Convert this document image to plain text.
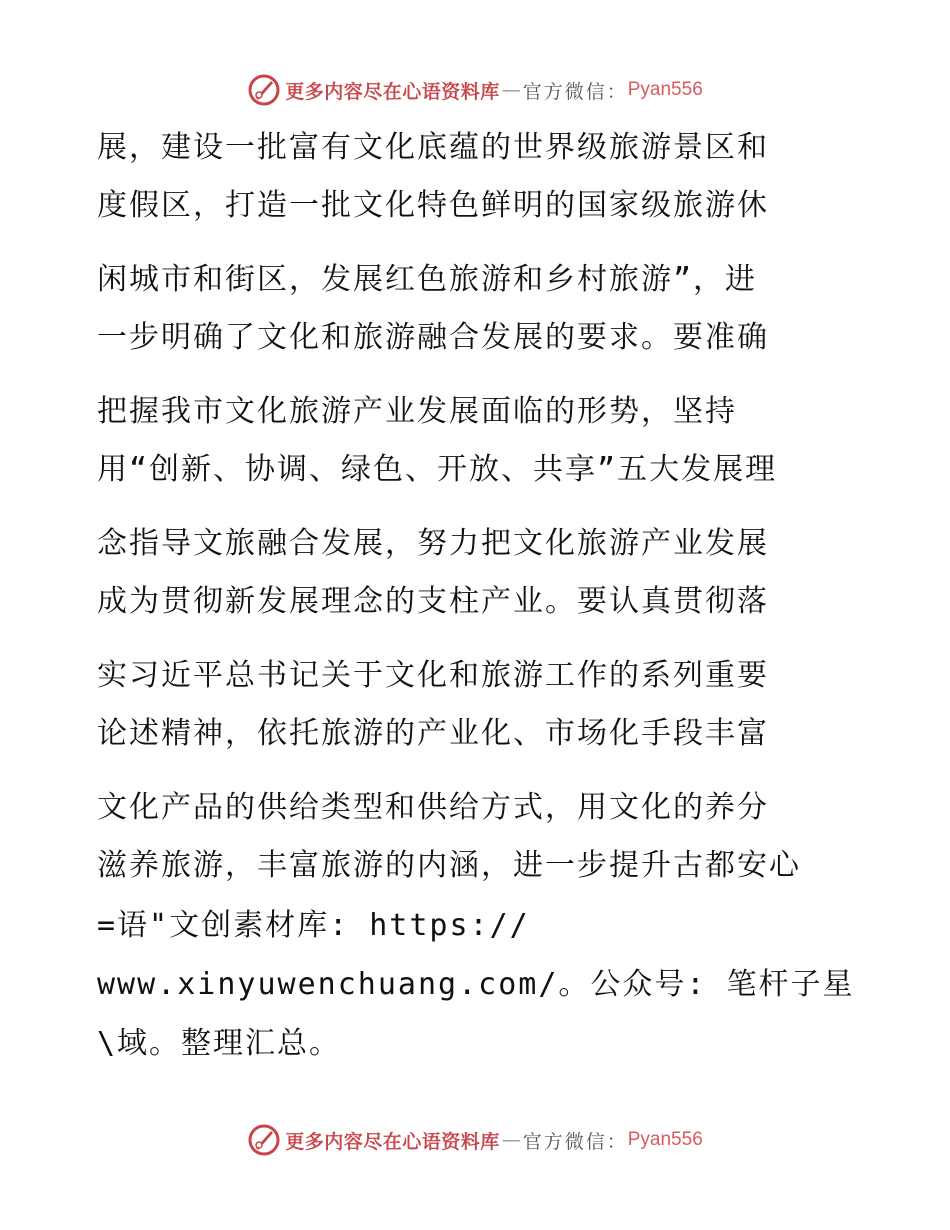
更多内容尽在心语资料库 — 官方微信： Pyan556
展，建设一批富有文化底蕴的世界级旅游景区和
度假区，打造一批文化特色鲜明的国家级旅游休
闲城市和街区，发展红色旅游和乡村旅游”，进
一步明确了文化和旅游融合发展的要求。要准确
把握我市文化旅游产业发展面临的形势，坚持
用“创新、协调、绿色、开放、共享”五大发展理
念指导文旅融合发展，努力把文化旅游产业发展
成为贯彻新发展理念的支柱产业。要认真贯彻落
实习近平总书记关于文化和旅游工作的系列重要
论述精神，依托旅游的产业化、市场化手段丰富
文化产品的供给类型和供给方式，用文化的养分
滋养旅游，丰富旅游的内涵，进一步提升古都安心
=语"文创素材库: https://
www.xinyuwenchuang.com/。公众号: 笔杆子星
\域。整理汇总。
更多内容尽在心语资料库 — 官方微信： Pyan556
